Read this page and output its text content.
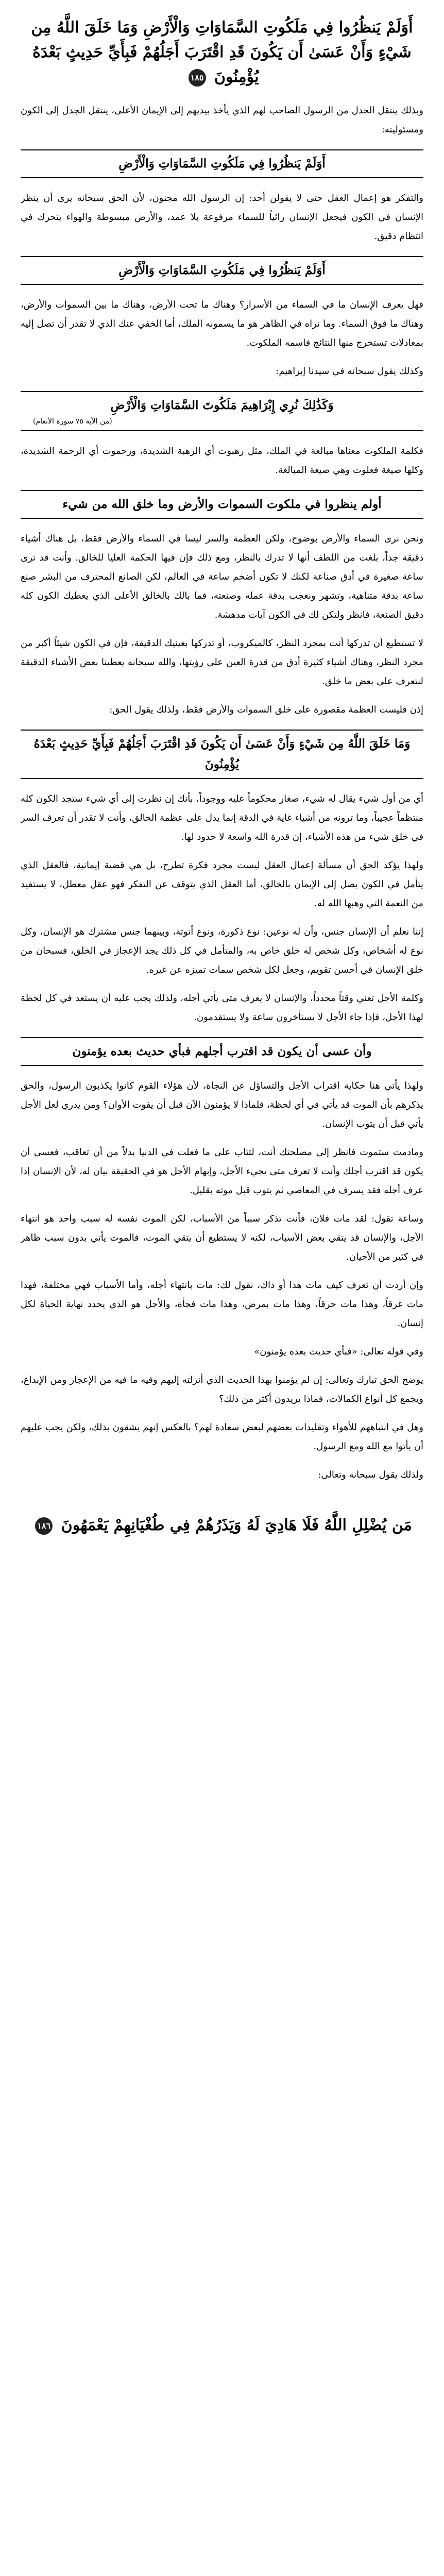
أَوَلَمْ يَنظُرُوا فِي مَلَكُوتِ السَّمَاوَاتِ وَالْأَرْضِ وَمَا خَلَقَ اللَّهُ مِن شَيْءٍ وَأَنْ عَسَىٰ أَن يَكُونَ قَدِ اقْتَرَبَ أَجَلُهُمْ فَبِأَيِّ حَدِيثٍ بَعْدَهُ يُؤْمِنُونَ ١٨٥

وبذلك ينتقل الجدل من الرسول الصاحب لهم الذي يأخذ بيديهم إلى الإيمان الأعلى، ينتقل الجدل إلى الكون ومسئوليته:

أَوَلَمْ يَنظُرُوا فِي مَلَكُوتِ السَّمَاوَاتِ وَالْأَرْضِ

والتفكر هو إعمال العقل حتى لا يقولن أحد: إن الرسول الله مجنون، لأن الحق سبحانه يرى أن ينظر الإنسان في الكون فيجعل الإنسان رائياً للسماء مرفوعة بلا عمد، والأرض مبسوطة والهواء يتحرك في انتظام دقيق.

أَوَلَمْ يَنظُرُوا فِي مَلَكُوتِ السَّمَاوَاتِ وَالْأَرْضِ

فهل يعرف الإنسان ما في السماء من الأسرار؟ وهناك ما تحت الأرض، وهناك ما بين السموات والأرض، وهناك ما فوق السماء. وما نراه في الظاهر هو ما يسمونه الملك، أما الخفي عنك الذي لا تقدر أن تصل إليه بمعادلات تستخرج منها النتائج فاسمه الملكوت.

وكذلك يقول سبحانه في سيدنا إبراهيم:

وَكَذَٰلِكَ نُرِي إِبْرَاهِيمَ مَلَكُوتَ السَّمَاوَاتِ وَالْأَرْضِ
(من الآية ٧٥ سورة الأنعام)

فكلمة الملكوت معناها مبالغة في الملك، مثل رهبوت أي الرهبة الشديدة، ورحموت أي الرحمة الشديدة، وكلها صيغة فعلوت وهي صيغة المبالغة.

أولم ينظروا في ملكوت السموات والأرض وما خلق الله من شيء

ونحن نرى السماء والأرض بوضوح، ولكن العظمة والسر ليسا في السماء والأرض فقط، بل هناك أشياء دقيقة جداً، بلغت من اللطف أنها لا تدرك بالنظر، ومع ذلك فإن فيها الحكمة العليا للخالق. وأنت قد ترى ساعة صغيرة في أدق صناعة لكنك لا تكون أضخم ساعة في العالم، لكن الصانع المحترف من البشر صنع ساعة بدقة متناهية، وتشهر ونعجب بدقة عمله وصنعته، فما بالك بالخالق الأعلى الذي يعطيك الكون كله دقيق الصنعة، فانظر ولتكن لك في الكون آيات مدهشة.

لا تستطيع أن تدركها أنت بمجرد النظر، كالميكروب، أو تدركها بعينيك الدقيقة، فإن في الكون شيئاً أكبر من مجرد النظر، وهناك أشياء كثيرة أدق من قدرة العين على رؤيتها، والله سبحانه يعطينا بعض الأشياء الدقيقة لنتعرف على بعض ما خلق.

إذن فليست العظمة مقصورة على خلق السموات والأرض فقط، ولذلك يقول الحق:

وَمَا خَلَقَ اللَّهُ مِن شَيْءٍ وَأَنْ عَسَىٰ أَن يَكُونَ قَدِ اقْتَرَبَ أَجَلُهُمْ فَبِأَيِّ حَدِيثٍ بَعْدَهُ يُؤْمِنُونَ

أي من أول شيء يقال له شيء، صغار محكوماً عليه ووجوداً، بأنك إن نظرت إلى أي شيء ستجد الكون كله منتظماً عجيباً، وما ترونه من أشياء غاية في الدقة إنما يدل على عظمة الخالق، وأنت لا تقدر أن تعرف السر في خلق شيء من هذه الأشياء، إن قدرة الله واسعة لا حدود لها.

ولهذا يؤكد الحق أن مسألة إعمال العقل ليست مجرد فكرة تطرح، بل هي قضية إيمانية، فالعقل الذي يتأمل في الكون يصل إلى الإيمان بالخالق، أما العقل الذي يتوقف عن التفكر فهو عقل معطل، لا يستفيد من النعمة التي وهبها الله له.

إننا نعلم أن الإنسان جنس، وأن له نوعين: نوع ذكورة، ونوع أنوثة، وبينهما جنس مشترك هو الإنسان، وكل نوع له أشخاص، وكل شخص له خلق خاص به، والمتأمل في كل ذلك يجد الإعجاز في الخلق، فسبحان من خلق الإنسان في أحسن تقويم، وجعل لكل شخص سمات تميزه عن غيره.

وكلمة الأجل تعني وقتاً محدداً، والإنسان لا يعرف متى يأتي أجله، ولذلك يجب عليه أن يستعد في كل لحظة لهذا الأجل، فإذا جاء الأجل لا يستأخرون ساعة ولا يستقدمون.

وأن عسى أن يكون قد اقترب أجلهم فبأي حديث بعده يؤمنون

ولهذا يأتي هنا حكاية اقتراب الأجل والتساؤل عن النجاة، لأن هؤلاء القوم كانوا يكذبون الرسول، والحق يذكرهم بأن الموت قد يأتي في أي لحظة، فلماذا لا يؤمنون الآن قبل أن يفوت الأوان؟ ومن يدري لعل الأجل يأتي قبل أن يتوب الإنسان.

ومادمت ستموت فانظر إلى مصلحتك أنت، لتتاب على ما فعلت في الدنيا بدلاً من أن تعاقب، فعسى أن يكون قد اقترب أجلك وأنت لا تعرف متى يجيء الأجل، وإبهام الأجل هو في الحقيقة بيان له، لأن الإنسان إذا عرف أجله فقد يسرف في المعاصي ثم يتوب قبل موته بقليل.

وساعة تقول: لقد مات فلان، فأنت تذكر سبباً من الأسباب، لكن الموت نفسه له سبب واحد هو انتهاء الأجل، والإنسان قد يتقي بعض الأسباب، لكنه لا يستطيع أن يتقي الموت، فالموت يأتي بدون سبب ظاهر في كثير من الأحيان.

وإن أردت أن تعرف كيف مات هذا أو ذاك، نقول لك: مات بانتهاء أجله، وأما الأسباب فهي مختلفة، فهذا مات غرقاً، وهذا مات حرقاً، وهذا مات بمرض، وهذا مات فجأة، والأجل هو الذي يحدد نهاية الحياة لكل إنسان.

وفي قوله تعالى: «فبأي حديث بعده يؤمنون»

يوضح الحق تبارك وتعالى: إن لم يؤمنوا بهذا الحديث الذي أنزلته إليهم وفيه ما فيه من الإعجاز ومن الإبداع، ويجمع كل أنواع الكمالات، فماذا يريدون أكثر من ذلك؟

وهل في انتباههم للأهواء وتقليدات بعضهم لبعض سعادة لهم؟ بالعكس إنهم يشقون بذلك، ولكن يجب عليهم أن يأتوا مع الله ومع الرسول.

ولذلك يقول سبحانه وتعالى:

مَن يُضْلِلِ اللَّهُ فَلَا هَادِيَ لَهُ وَيَذَرُهُمْ فِي طُغْيَانِهِمْ يَعْمَهُونَ ١٨٦
